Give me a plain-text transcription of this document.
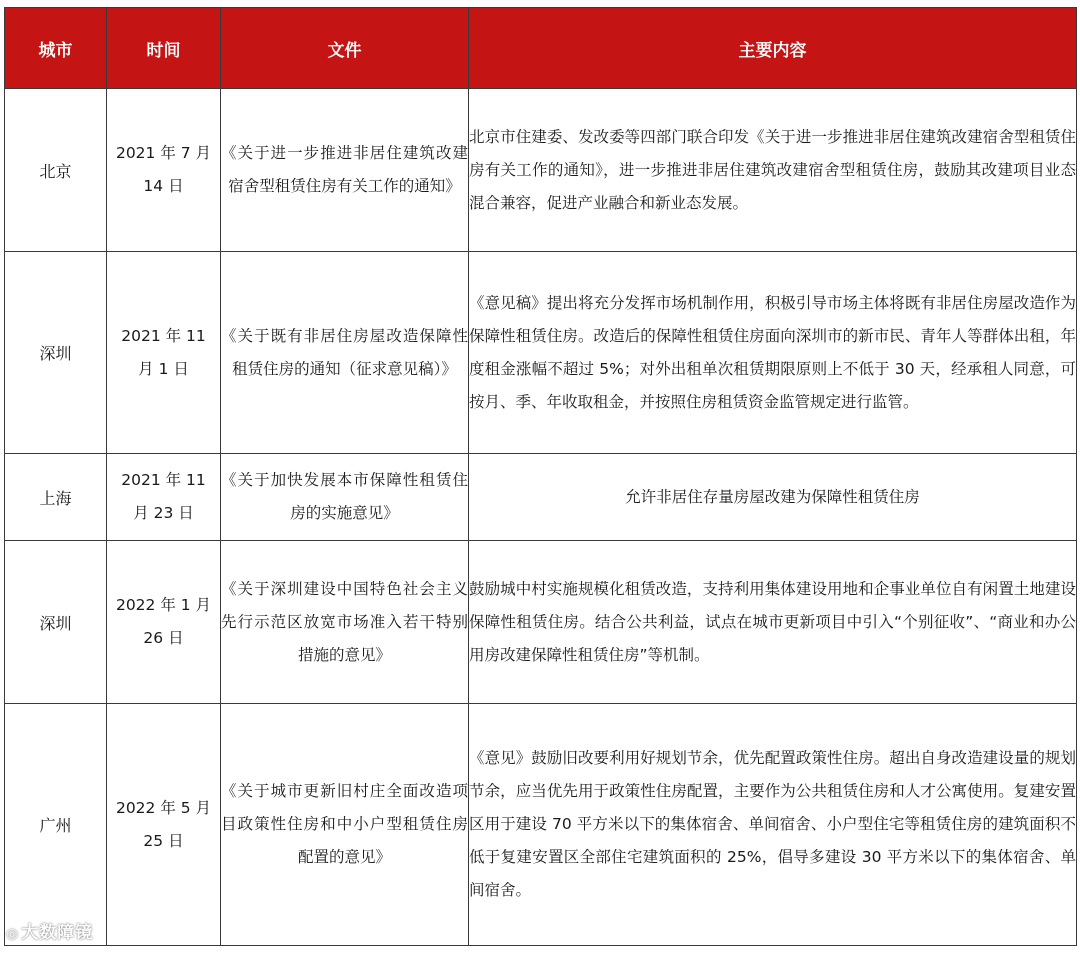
城市	时间	文件	主要内容
北京	2021 年 7 月 14 日	《关于进一步推进非居住建筑改建宿舍型租赁住房有关工作的通知》	北京市住建委、发改委等四部门联合印发《关于进一步推进非居住建筑改建宿舍型租赁住房有关工作的通知》，进一步推进非居住建筑改建宿舍型租赁住房，鼓励其改建项目业态混合兼容，促进产业融合和新业态发展。
深圳	2021 年 11 月 1 日	《关于既有非居住房屋改造保障性租赁住房的通知（征求意见稿）》	《意见稿》提出将充分发挥市场机制作用，积极引导市场主体将既有非居住房屋改造作为保障性租赁住房。改造后的保障性租赁住房面向深圳市的新市民、青年人等群体出租，年度租金涨幅不超过 5%；对外出租单次租赁期限原则上不低于 30 天，经承租人同意，可按月、季、年收取租金，并按照住房租赁资金监管规定进行监管。
上海	2021 年 11 月 23 日	《关于加快发展本市保障性租赁住房的实施意见》	允许非居住存量房屋改建为保障性租赁住房
深圳	2022 年 1 月 26 日	《关于深圳建设中国特色社会主义先行示范区放宽市场准入若干特别措施的意见》	鼓励城中村实施规模化租赁改造，支持利用集体建设用地和企事业单位自有闲置土地建设保障性租赁住房。结合公共利益，试点在城市更新项目中引入“个别征收”、“商业和办公用房改建保障性租赁住房”等机制。
广州	2022 年 5 月 25 日	《关于城市更新旧村庄全面改造项目政策性住房和中小户型租赁住房配置的意见》	《意见》鼓励旧改要利用好规划节余，优先配置政策性住房。超出自身改造建设量的规划节余，应当优先用于政策性住房配置，主要作为公共租赁住房和人才公寓使用。复建安置区用于建设 70 平方米以下的集体宿舍、单间宿舍、小户型住宅等租赁住房的建筑面积不低于复建安置区全部住宅建筑面积的 25%，倡导多建设 30 平方米以下的集体宿舍、单间宿舍。
◎ 大数障镜
